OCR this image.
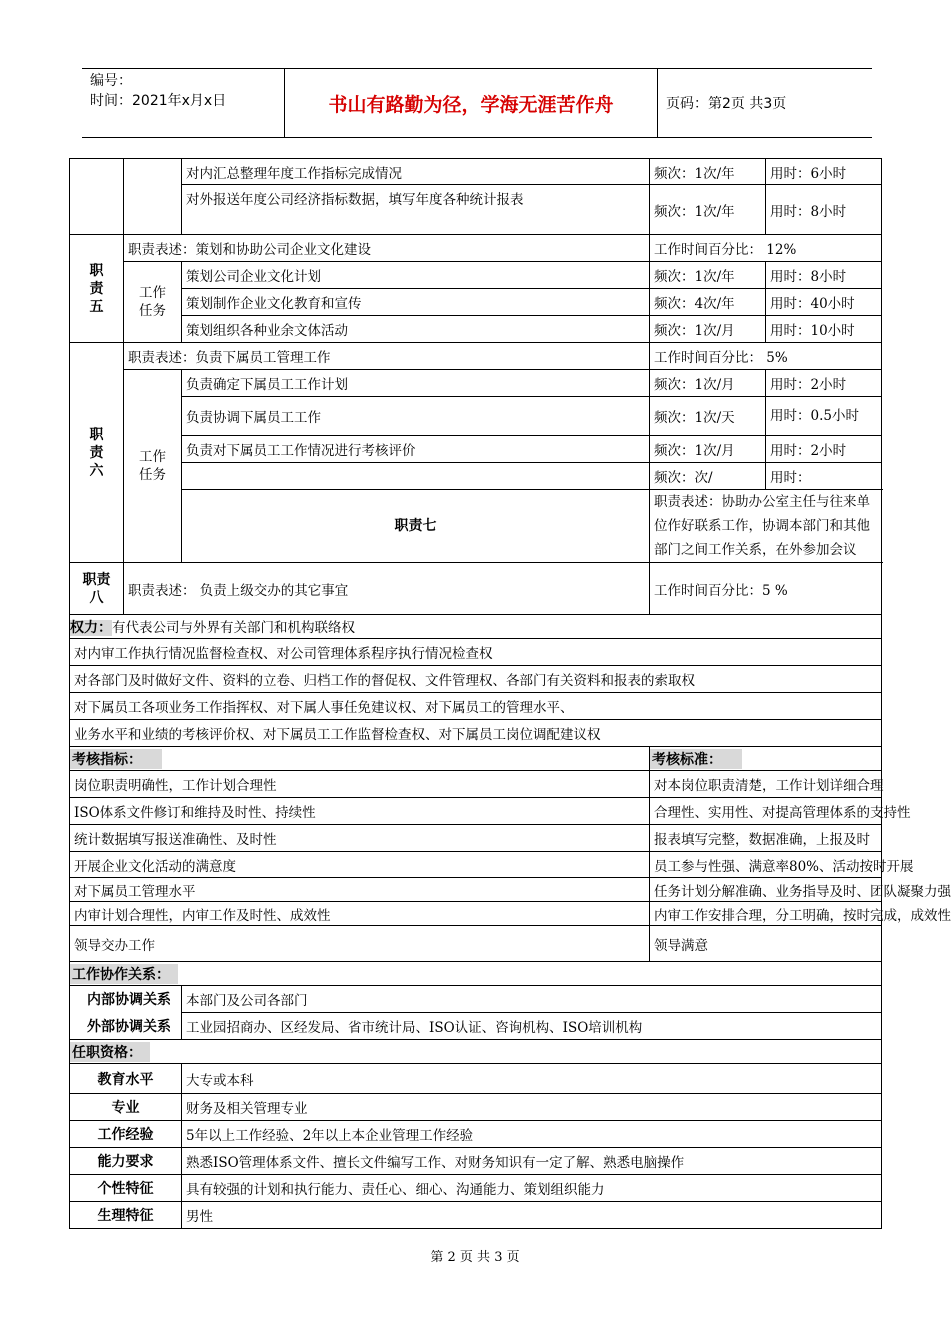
编号：
时间：2021年x月x日	书山有路勤为径，学海无涯苦作舟	页码：第2页 共3页
		对内汇总整理年度工作指标完成情况	频次：1次/年	用时：6小时	
		对外报送年度公司经济指标数据，填写年度各种统计报表	频次：1次/年	用时：8小时	
职责五	职责表述：策划和协助公司企业文化建设		工作时间百分比： 12%		
	工作任务	策划公司企业文化计划	频次：1次/年	用时：8小时	
		策划制作企业文化教育和宣传	频次：4次/年	用时：40小时	
		策划组织各种业余文体活动	频次：1次/月	用时：10小时	
职责六	职责表述：负责下属员工管理工作		工作时间百分比： 5%		
	工作任务	负责确定下属员工工作计划	频次：1次/月	用时：2小时	
		负责协调下属员工工作	频次：1次/天	用时：0.5小时	
		负责对下属员工工作情况进行考核评价	频次：1次/月	用时：2小时	
			频次：次/	用时：	
		职责七	职责表述：协助办公室主任与往来单位作好联系工作，协调本部门和其他部门之间工作关系，在外参加会议	
职责八	职责表述： 负责上级交办的其它事宜		工作时间百分比：5 %		
权力：有代表公司与外界有关部门和机构联络权					
对内审工作执行情况监督检查权、对公司管理体系程序执行情况检查权					
对各部门及时做好文件、资料的立卷、归档工作的督促权、文件管理权、各部门有关资料和报表的索取权					
对下属员工各项业务工作指挥权、对下属人事任免建议权、对下属员工的管理水平、					
业务水平和业绩的考核评价权、对下属员工工作监督检查权、对下属员工岗位调配建议权					
考核指标：			考核标准：		
岗位职责明确性，工作计划合理性			对本岗位职责清楚，工作计划详细合理		
ISO体系文件修订和维持及时性、持续性			合理性、实用性、对提高管理体系的支持性		
统计数据填写报送准确性、及时性			报表填写完整，数据准确，上报及时		
开展企业文化活动的满意度			员工参与性强、满意率80%、活动按时开展		
对下属员工管理水平			任务计划分解准确、业务指导及时、团队凝聚力强		
内审计划合理性，内审工作及时性、成效性			内审工作安排合理，分工明确，按时完成，成效性		
领导交办工作			领导满意		
工作协作关系：					
内部协调关系		本部门及公司各部门			
外部协调关系		工业园招商办、区经发局、省市统计局、ISO认证、咨询机构、ISO培训机构			
任职资格：					
教育水平		大专或本科			
专业		财务及相关管理专业			
工作经验		5年以上工作经验、2年以上本企业管理工作经验			
能力要求		熟悉ISO管理体系文件、擅长文件编写工作、对财务知识有一定了解、熟悉电脑操作			
个性特征		具有较强的计划和执行能力、责任心、细心、沟通能力、策划组织能力			
生理特征		男性			
第 2 页 共 3 页
